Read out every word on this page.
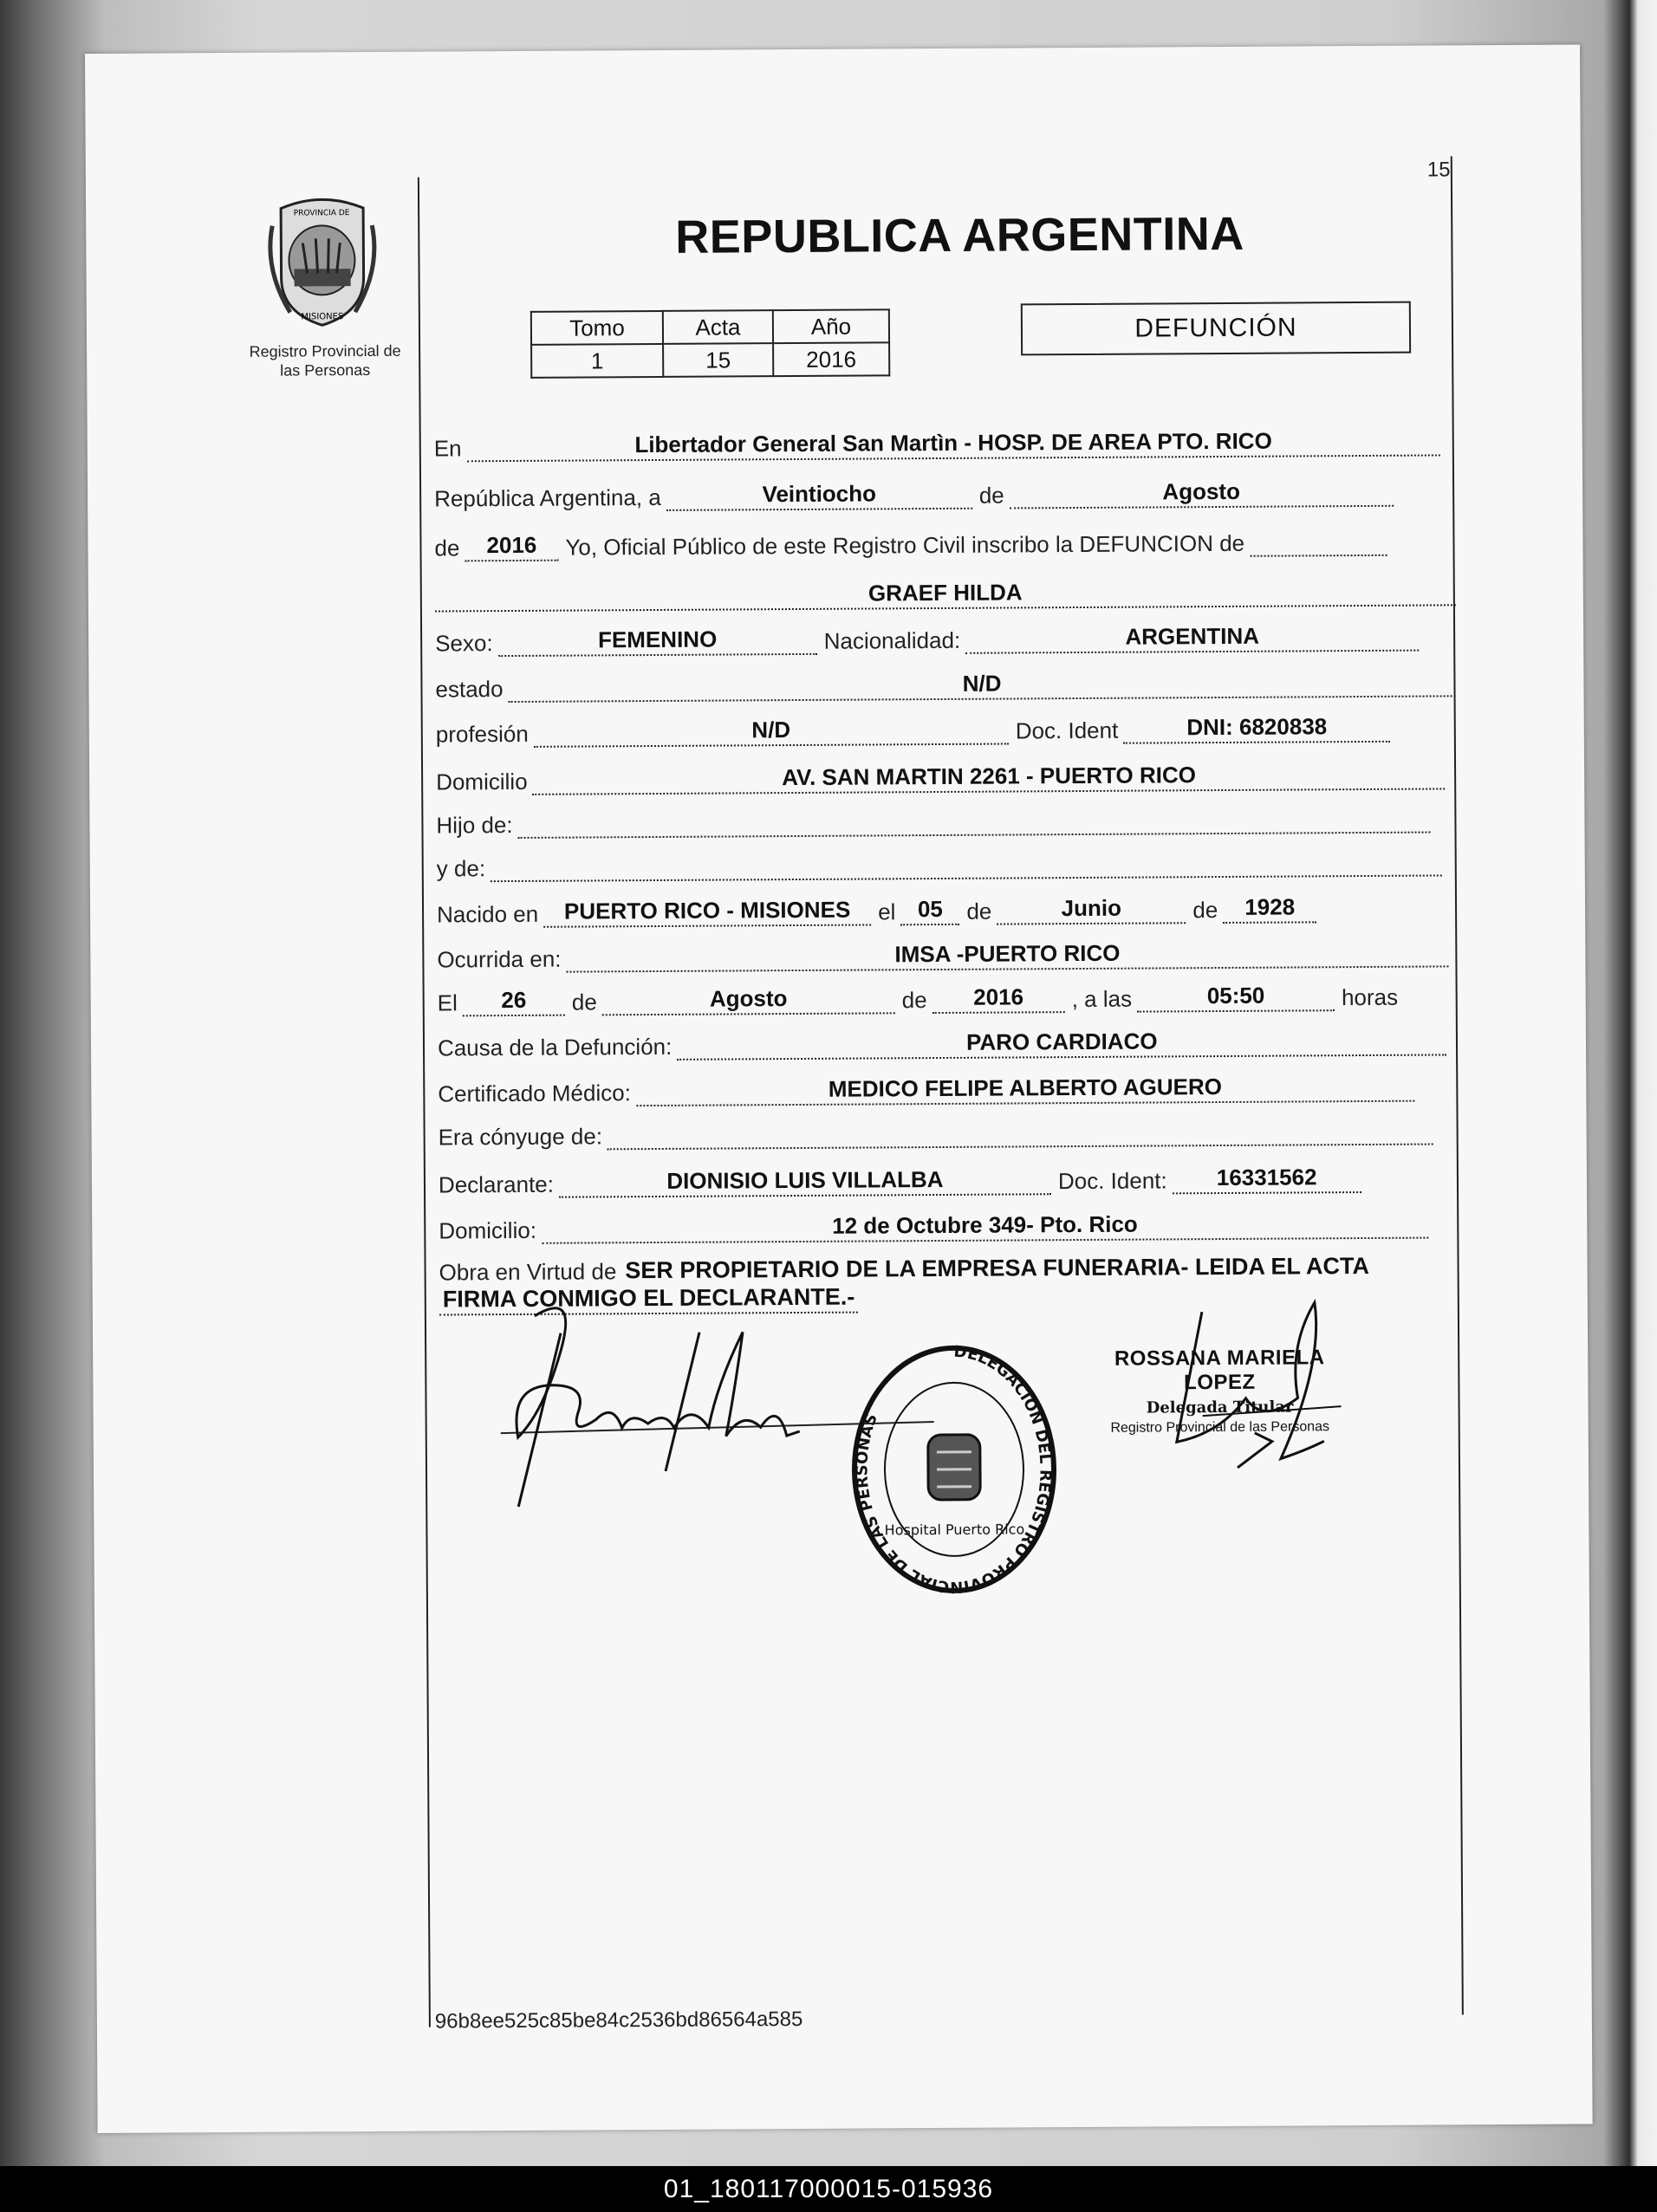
15
PROVINCIA DE
MISIONES
Registro Provincial de
las Personas
REPUBLICA ARGENTINA
Tomo	Acta	Año
1	15	2016
DEFUNCIÓN
En	Libertador General San Martìn - HOSP. DE AREA PTO. RICO
República Argentina, a	Veintiocho	de	Agosto
de	2016	Yo, Oficial Público de este Registro Civil inscribo la DEFUNCION de
GRAEF HILDA
Sexo:	FEMENINO	Nacionalidad:	ARGENTINA
estado	N/D
profesión	N/D	Doc. Ident	DNI: 6820838
Domicilio	AV. SAN MARTIN 2261 - PUERTO RICO
Hijo de:
y de:
Nacido en	PUERTO RICO - MISIONES	el 05	de	Junio	de	1928
Ocurrida en:	IMSA -PUERTO RICO
El	26	de	Agosto	de	2016	, a las	05:50	horas
Causa de la Defunción:	PARO CARDIACO
Certificado Médico:	MEDICO FELIPE ALBERTO AGUERO
Era cónyuge de:
Declarante:	DIONISIO LUIS VILLALBA	Doc. Ident:	16331562
Domicilio:	12 de Octubre 349- Pto. Rico
Obra en Virtud de SER PROPIETARIO DE LA EMPRESA FUNERARIA- LEIDA EL ACTA
FIRMA CONMIGO EL DECLARANTE.-
DELEGACION DEL REGISTRO PROVINCIAL DE LAS PERSONAS
Hospital Puerto Rico
ROSSANA MARIELA LOPEZ
Delegada Titular
Registro Provincial de las Personas
96b8ee525c85be84c2536bd86564a585
01_180117000015-015936
